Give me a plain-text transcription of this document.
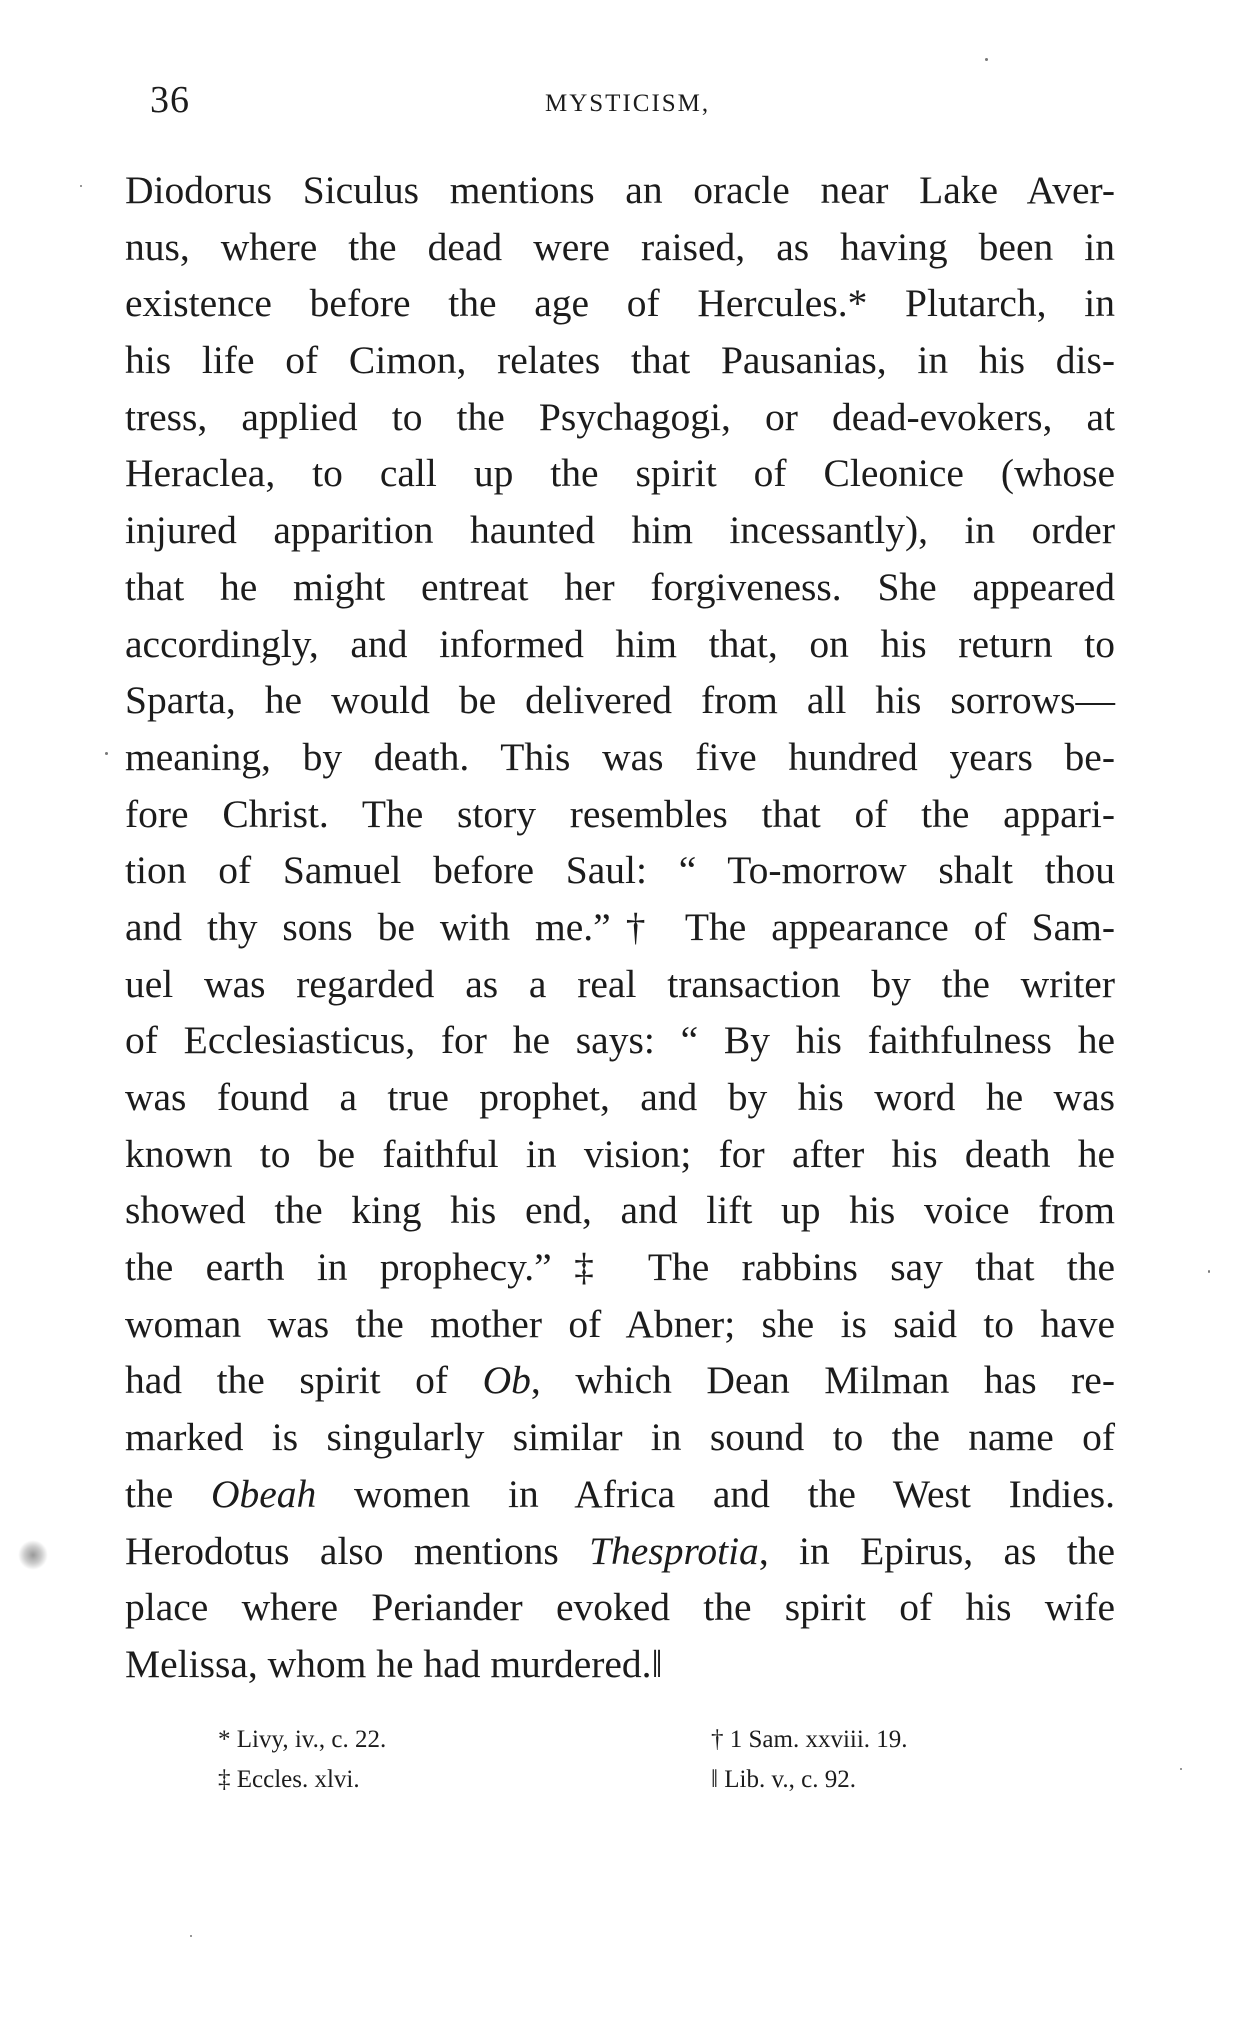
36	MYSTICISM,
Diodorus Siculus mentions an oracle near Lake Aver-
nus, where the dead were raised, as having been in
existence before the age of Hercules.* Plutarch, in
his life of Cimon, relates that Pausanias, in his dis-
tress, applied to the Psychagogi, or dead-evokers, at
Heraclea, to call up the spirit of Cleonice (whose
injured apparition haunted him incessantly), in order
that he might entreat her forgiveness. She appeared
accordingly, and informed him that, on his return to
Sparta, he would be delivered from all his sorrows—
meaning, by death. This was five hundred years be-
fore Christ. The story resembles that of the appari-
tion of Samuel before Saul: “ To-morrow shalt thou
and thy sons be with me.”† The appearance of Sam-
uel was regarded as a real transaction by the writer
of Ecclesiasticus, for he says: “ By his faithfulness he
was found a true prophet, and by his word he was
known to be faithful in vision; for after his death he
showed the king his end, and lift up his voice from
the earth in prophecy.”‡ The rabbins say that the
woman was the mother of Abner; she is said to have
had the spirit of Ob, which Dean Milman has re-
marked is singularly similar in sound to the name of
the Obeah women in Africa and the West Indies.
Herodotus also mentions Thesprotia, in Epirus, as the
place where Periander evoked the spirit of his wife
Melissa, whom he had murdered.‖
* Livy, iv., c. 22.	† 1 Sam. xxviii. 19.
‡ Eccles. xlvi.	‖ Lib. v., c. 92.
